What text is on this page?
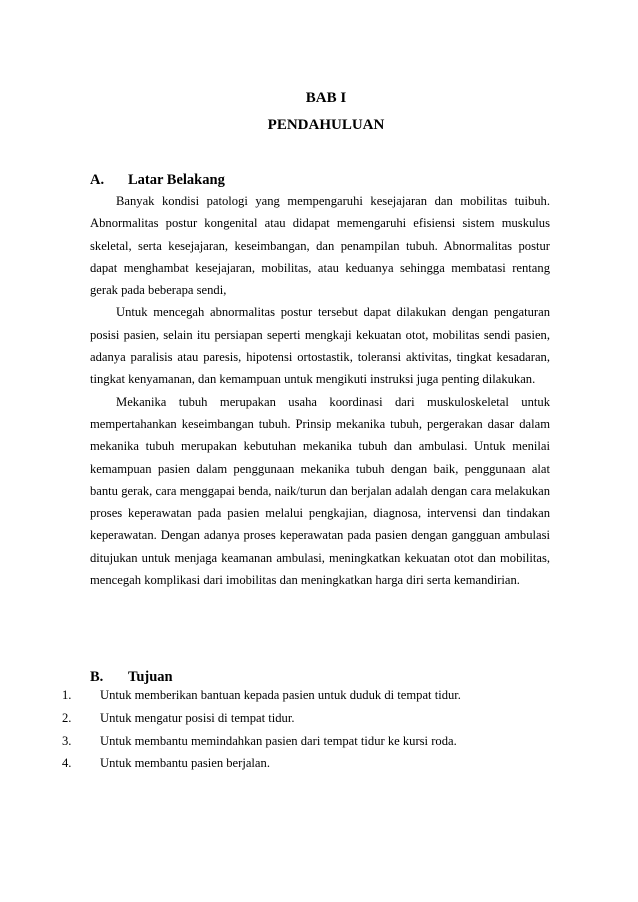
BAB I
PENDAHULUAN
A.	Latar Belakang

Banyak kondisi patologi yang mempengaruhi kesejajaran dan mobilitas tuibuh. Abnormalitas postur kongenital atau didapat memengaruhi efisiensi sistem muskulus skeletal, serta kesejajaran, keseimbangan, dan penampilan tubuh. Abnormalitas postur dapat menghambat kesejajaran, mobilitas, atau keduanya sehingga membatasi rentang gerak pada beberapa sendi,

Untuk mencegah abnormalitas postur tersebut dapat dilakukan dengan pengaturan posisi pasien, selain itu persiapan seperti mengkaji kekuatan otot, mobilitas sendi pasien, adanya paralisis atau paresis, hipotensi ortostastik, toleransi aktivitas, tingkat kesadaran, tingkat kenyamanan, dan kemampuan untuk mengikuti instruksi juga penting dilakukan.

Mekanika tubuh merupakan usaha koordinasi dari muskuloskeletal untuk mempertahankan keseimbangan tubuh. Prinsip mekanika tubuh, pergerakan dasar dalam mekanika tubuh merupakan kebutuhan mekanika tubuh dan ambulasi. Untuk menilai kemampuan pasien dalam penggunaan mekanika tubuh dengan baik, penggunaan alat bantu gerak, cara menggapai benda, naik/turun dan berjalan adalah dengan cara melakukan proses keperawatan pada pasien melalui pengkajian, diagnosa, intervensi dan tindakan keperawatan. Dengan adanya proses keperawatan pada pasien dengan gangguan ambulasi ditujukan untuk menjaga keamanan ambulasi, meningkatkan kekuatan otot dan mobilitas, mencegah komplikasi dari imobilitas dan meningkatkan harga diri serta kemandirian.

B.	Tujuan
1.	Untuk memberikan bantuan kepada pasien untuk duduk di tempat tidur.
2.	Untuk mengatur posisi di tempat tidur.
3.	Untuk membantu memindahkan pasien dari tempat tidur ke kursi roda.
4.	Untuk membantu pasien berjalan.
